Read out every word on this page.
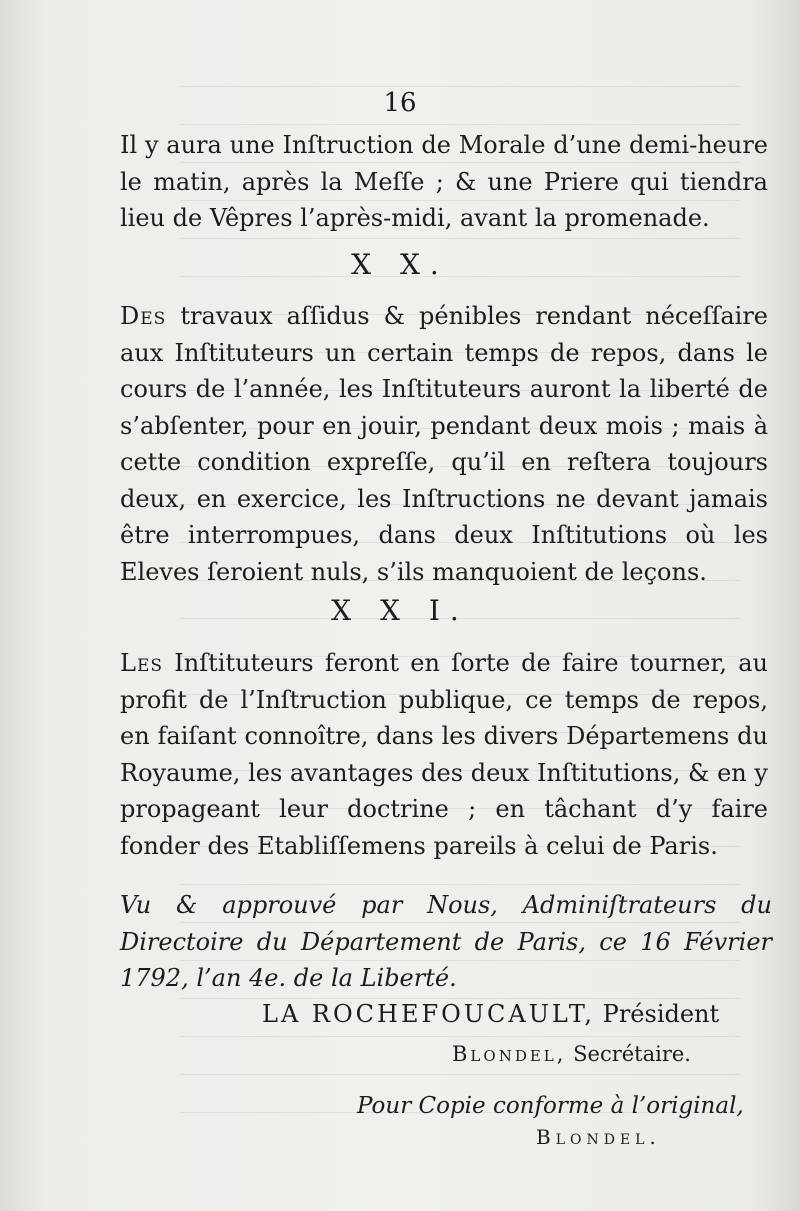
16
Il y aura une Inſtruction de Morale d’une demi-heure le matin, après la Meſſe ; & une Priere qui tiendra lieu de Vêpres l’après-midi, avant la promenade.
X X.
Des travaux aſſidus & pénibles rendant néceſſaire aux Inſtituteurs un certain temps de repos, dans le cours de l’année, les Inſtituteurs auront la liberté de s’abſenter, pour en jouir, pendant deux mois ; mais à cette condition expreſſe, qu’il en reſtera toujours deux, en exercice, les Inſtructions ne devant jamais être interrompues, dans deux Inſtitutions où les Eleves ſeroient nuls, s’ils manquoient de leçons.
X X I.
Les Inſtituteurs feront en ſorte de faire tourner, au profit de l’Inſtruction publique, ce temps de repos, en faiſant connoître, dans les divers Départemens du Royaume, les avantages des deux Inſtitutions, & en y propageant leur doctrine ; en tâchant d’y faire fonder des Etabliſſemens pareils à celui de Paris.
Vu & approuvé par Nous, Adminiſtrateurs du Directoire du Département de Paris, ce 16 Février 1792, l’an 4e. de la Liberté.
LA ROCHEFOUCAULT, Président
Blondel, Secrétaire.
Pour Copie conforme à l’original,
Blondel.
